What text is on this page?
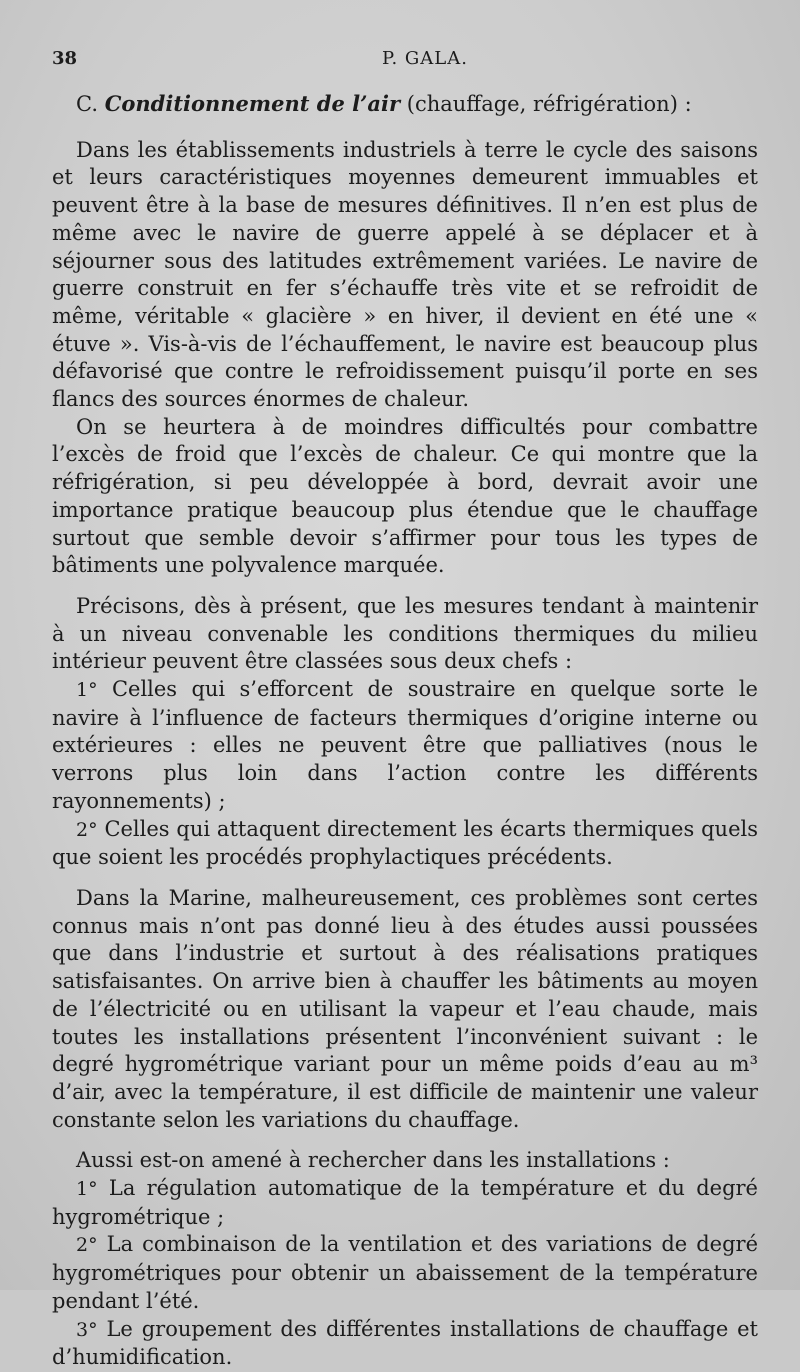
38	P. GALA.
C. Conditionnement de l’air (chauffage, réfrigération) :

Dans les établissements industriels à terre le cycle des saisons et leurs caractéristiques moyennes demeurent immuables et peuvent être à la base de mesures définitives. Il n’en est plus de même avec le navire de guerre appelé à se déplacer et à séjourner sous des latitudes extrêmement variées. Le navire de guerre construit en fer s’échauffe très vite et se refroidit de même, véritable « glacière » en hiver, il devient en été une « étuve ». Vis-à-vis de l’échauffement, le navire est beaucoup plus défavorisé que contre le refroidissement puisqu’il porte en ses flancs des sources énormes de chaleur.

On se heurtera à de moindres difficultés pour combattre l’excès de froid que l’excès de chaleur. Ce qui montre que la réfrigération, si peu développée à bord, devrait avoir une importance pratique beaucoup plus étendue que le chauffage surtout que semble devoir s’affirmer pour tous les types de bâtiments une polyvalence marquée.

Précisons, dès à présent, que les mesures tendant à maintenir à un niveau convenable les conditions thermiques du milieu intérieur peuvent être classées sous deux chefs :

1° Celles qui s’efforcent de soustraire en quelque sorte le navire à l’influence de facteurs thermiques d’origine interne ou extérieures : elles ne peuvent être que palliatives (nous le verrons plus loin dans l’action contre les différents rayonnements) ;
2° Celles qui attaquent directement les écarts thermiques quels que soient les procédés prophylactiques précédents.

Dans la Marine, malheureusement, ces problèmes sont certes connus mais n’ont pas donné lieu à des études aussi poussées que dans l’industrie et surtout à des réalisations pratiques satisfaisantes. On arrive bien à chauffer les bâtiments au moyen de l’électricité ou en utilisant la vapeur et l’eau chaude, mais toutes les installations présentent l’inconvénient suivant : le degré hygrométrique variant pour un même poids d’eau au m³ d’air, avec la température, il est difficile de maintenir une valeur constante selon les variations du chauffage.

Aussi est-on amené à rechercher dans les installations :

1° La régulation automatique de la température et du degré hygrométrique ;
2° La combinaison de la ventilation et des variations de degré hygrométriques pour obtenir un abaissement de la température pendant l’été.
3° Le groupement des différentes installations de chauffage et d’humidification.
